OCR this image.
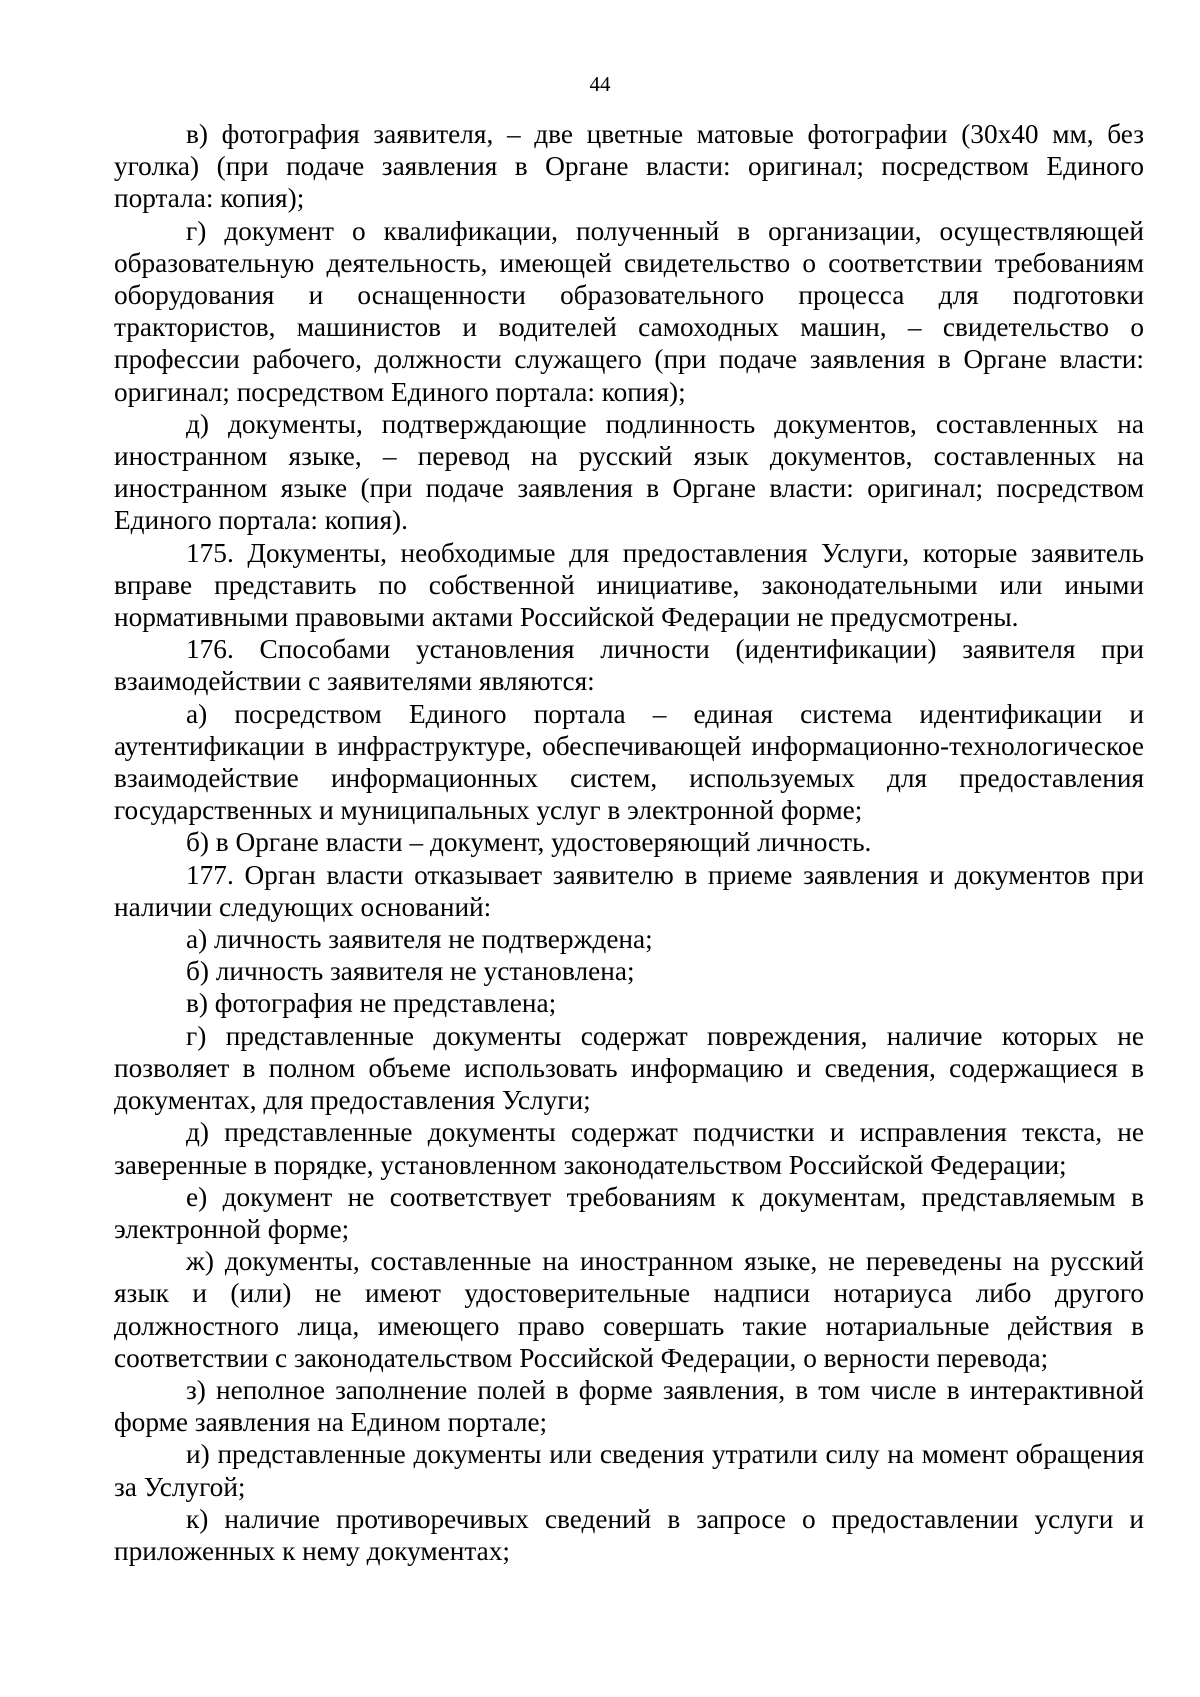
44

в) фотография заявителя, – две цветные матовые фотографии (30х40 мм, без уголка) (при подаче заявления в Органе власти: оригинал; посредством Единого портала: копия);

г) документ о квалификации, полученный в организации, осуществляющей образовательную деятельность, имеющей свидетельство о соответствии требованиям оборудования и оснащенности образовательного процесса для подготовки трактористов, машинистов и водителей самоходных машин, – свидетельство о профессии рабочего, должности служащего (при подаче заявления в Органе власти: оригинал; посредством Единого портала: копия);

д) документы, подтверждающие подлинность документов, составленных на иностранном языке, – перевод на русский язык документов, составленных на иностранном языке (при подаче заявления в Органе власти: оригинал; посредством Единого портала: копия).

175. Документы, необходимые для предоставления Услуги, которые заявитель вправе представить по собственной инициативе, законодательными или иными нормативными правовыми актами Российской Федерации не предусмотрены.

176. Способами установления личности (идентификации) заявителя при взаимодействии с заявителями являются:

а) посредством Единого портала – единая система идентификации и аутентификации в инфраструктуре, обеспечивающей информационно-технологическое взаимодействие информационных систем, используемых для предоставления государственных и муниципальных услуг в электронной форме;

б) в Органе власти – документ, удостоверяющий личность.

177. Орган власти отказывает заявителю в приеме заявления и документов при наличии следующих оснований:

а) личность заявителя не подтверждена;

б) личность заявителя не установлена;

в) фотография не представлена;

г) представленные документы содержат повреждения, наличие которых не позволяет в полном объеме использовать информацию и сведения, содержащиеся в документах, для предоставления Услуги;

д) представленные документы содержат подчистки и исправления текста, не заверенные в порядке, установленном законодательством Российской Федерации;

е) документ не соответствует требованиям к документам, представляемым в электронной форме;

ж) документы, составленные на иностранном языке, не переведены на русский язык и (или) не имеют удостоверительные надписи нотариуса либо другого должностного лица, имеющего право совершать такие нотариальные действия в соответствии с законодательством Российской Федерации, о верности перевода;

з) неполное заполнение полей в форме заявления, в том числе в интерактивной форме заявления на Едином портале;

и) представленные документы или сведения утратили силу на момент обращения за Услугой;

к) наличие противоречивых сведений в запросе о предоставлении услуги и приложенных к нему документах;
